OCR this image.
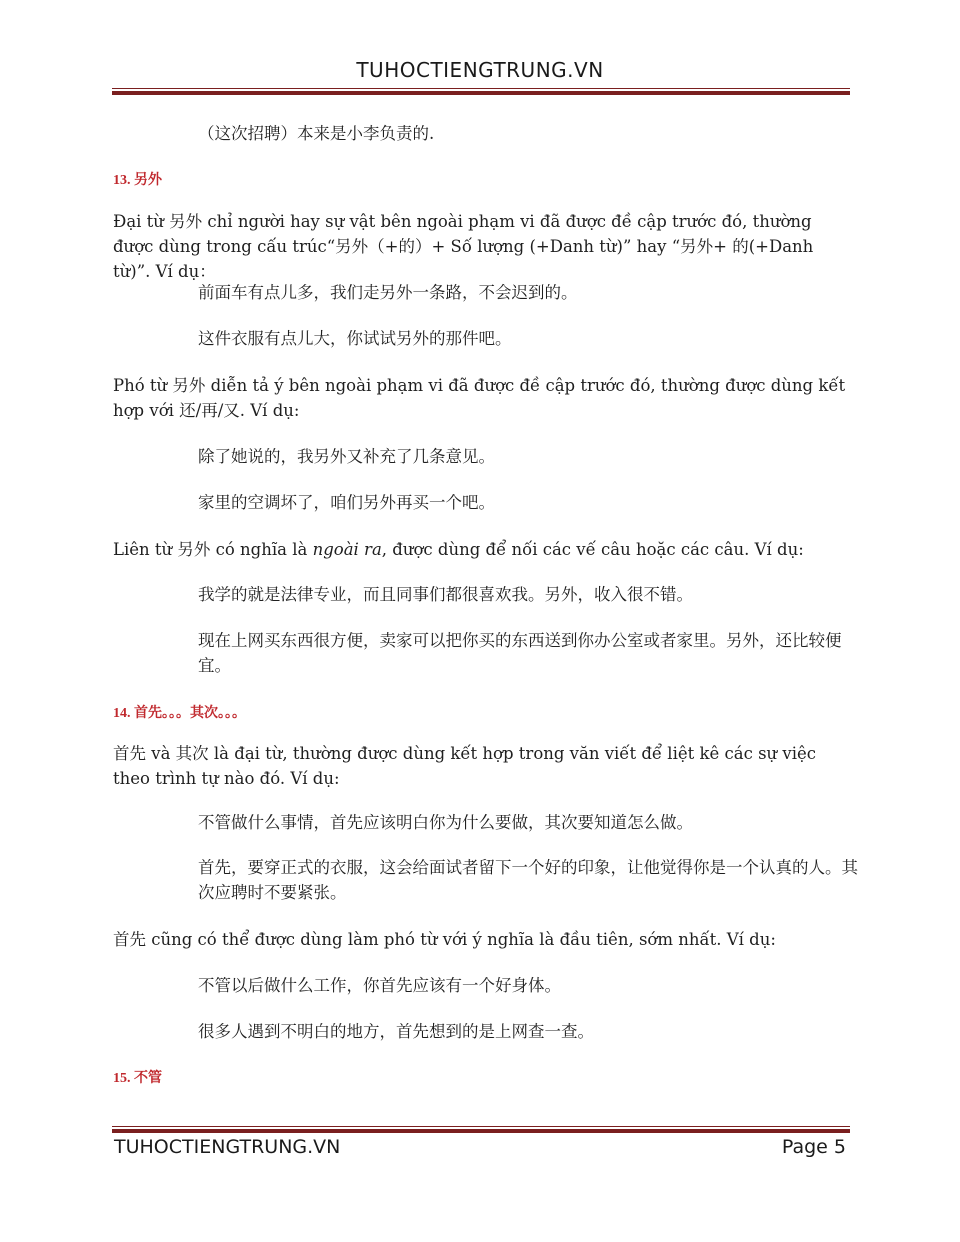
TUHOCTIENGTRUNG.VN
（这次招聘）本来是小李负责的.
13. 另外
Đại từ 另外 chỉ người hay sự vật bên ngoài phạm vi đã được đề cập trước đó, thường được dùng trong cấu trúc“另外（+的）+ Số lượng (+Danh từ)” hay “另外+ 的(+Danh từ)”. Ví dụ：
前面车有点儿多，我们走另外一条路，不会迟到的。
这件衣服有点儿大，你试试另外的那件吧。
Phó từ 另外 diễn tả ý bên ngoài phạm vi đã được đề cập trước đó, thường được dùng kết hợp với 还/再/又. Ví dụ:
除了她说的，我另外又补充了几条意见。
家里的空调坏了，咱们另外再买一个吧。
Liên từ 另外 có nghĩa là ngoài ra, được dùng để nối các vế câu hoặc các câu. Ví dụ:
我学的就是法律专业，而且同事们都很喜欢我。另外，收入很不错。
现在上网买东西很方便，卖家可以把你买的东西送到你办公室或者家里。另外，还比较便宜。
14. 首先。。。其次。。。
首先 và 其次 là đại từ, thường được dùng kết hợp trong văn viết để liệt kê các sự việc theo trình tự nào đó. Ví dụ:
不管做什么事情，首先应该明白你为什么要做，其次要知道怎么做。
首先，要穿正式的衣服，这会给面试者留下一个好的印象，让他觉得你是一个认真的人。其次应聘时不要紧张。
首先 cũng có thể được dùng làm phó từ với ý nghĩa là đầu tiên, sớm nhất. Ví dụ:
不管以后做什么工作，你首先应该有一个好身体。
很多人遇到不明白的地方，首先想到的是上网查一查。
15. 不管
TUHOCTIENGTRUNG.VN	Page 5
